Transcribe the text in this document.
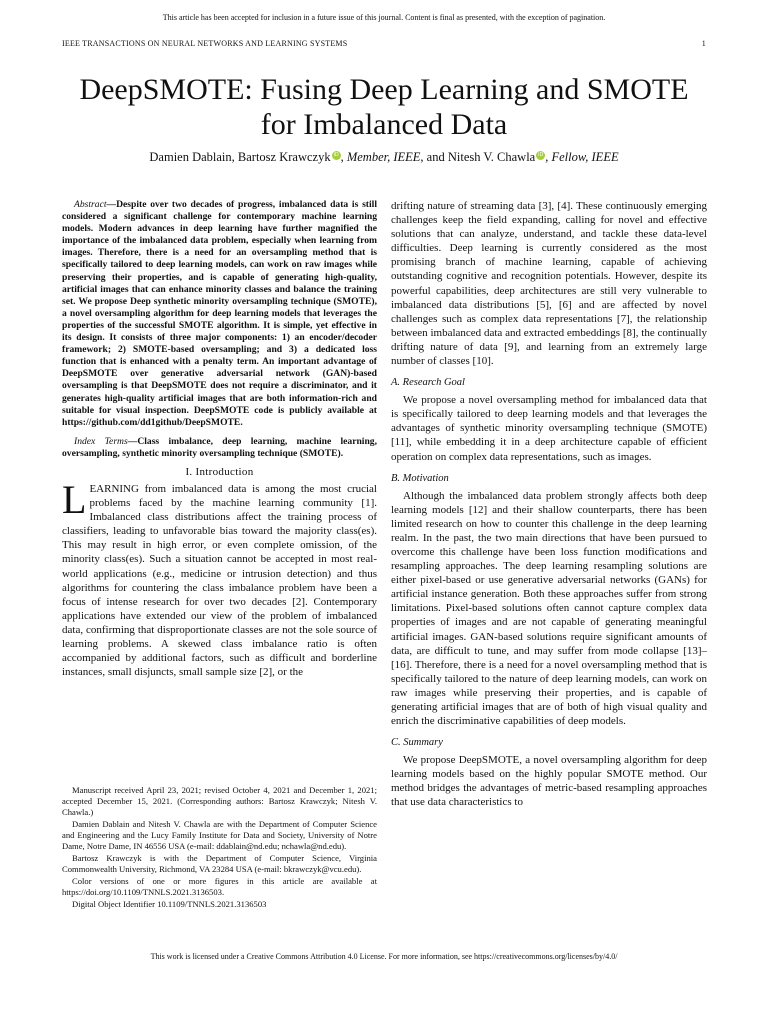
This article has been accepted for inclusion in a future issue of this journal. Content is final as presented, with the exception of pagination.
IEEE TRANSACTIONS ON NEURAL NETWORKS AND LEARNING SYSTEMS	1
DeepSMOTE: Fusing Deep Learning and SMOTE
for Imbalanced Data
Damien Dablain, Bartosz Krawczyk iD , Member, IEEE, and Nitesh V. Chawla iD , Fellow, IEEE

Abstract—Despite over two decades of progress, imbalanced data is still considered a significant challenge for contemporary machine learning models. Modern advances in deep learning have further magnified the importance of the imbalanced data problem, especially when learning from images. Therefore, there is a need for an oversampling method that is specifically tailored to deep learning models, can work on raw images while preserving their properties, and is capable of generating high-quality, artificial images that can enhance minority classes and balance the training set. We propose Deep synthetic minority oversampling technique (SMOTE), a novel oversampling algorithm for deep learning models that leverages the properties of the successful SMOTE algorithm. It is simple, yet effective in its design. It consists of three major components: 1) an encoder/decoder framework; 2) SMOTE-based oversampling; and 3) a dedicated loss function that is enhanced with a penalty term. An important advantage of DeepSMOTE over generative adversarial network (GAN)-based oversampling is that DeepSMOTE does not require a discriminator, and it generates high-quality artificial images that are both information-rich and suitable for visual inspection. DeepSMOTE code is publicly available at https://github.com/dd1github/DeepSMOTE.

Index Terms—Class imbalance, deep learning, machine learning, oversampling, synthetic minority oversampling technique (SMOTE).

I. Introduction

LEARNING from imbalanced data is among the most crucial problems faced by the machine learning community [1]. Imbalanced class distributions affect the training process of classifiers, leading to unfavorable bias toward the majority class(es). This may result in high error, or even complete omission, of the minority class(es). Such a situation cannot be accepted in most real-world applications (e.g., medicine or intrusion detection) and thus algorithms for countering the class imbalance problem have been a focus of intense research for over two decades [2]. Contemporary applications have extended our view of the problem of imbalanced data, confirming that disproportionate classes are not the sole source of learning problems. A skewed class imbalance ratio is often accompanied by additional factors, such as difficult and borderline instances, small disjuncts, small sample size [2], or the

Manuscript received April 23, 2021; revised October 4, 2021 and December 1, 2021; accepted December 15, 2021. (Corresponding authors: Bartosz Krawczyk; Nitesh V. Chawla.)

Damien Dablain and Nitesh V. Chawla are with the Department of Computer Science and Engineering and the Lucy Family Institute for Data and Society, University of Notre Dame, Notre Dame, IN 46556 USA (e-mail: ddablain@nd.edu; nchawla@nd.edu).

Bartosz Krawczyk is with the Department of Computer Science, Virginia Commonwealth University, Richmond, VA 23284 USA (e-mail: bkrawczyk@vcu.edu).

Color versions of one or more figures in this article are available at https://doi.org/10.1109/TNNLS.2021.3136503.

Digital Object Identifier 10.1109/TNNLS.2021.3136503

drifting nature of streaming data [3], [4]. These continuously emerging challenges keep the field expanding, calling for novel and effective solutions that can analyze, understand, and tackle these data-level difficulties. Deep learning is currently considered as the most promising branch of machine learning, capable of achieving outstanding cognitive and recognition potentials. However, despite its powerful capabilities, deep architectures are still very vulnerable to imbalanced data distributions [5], [6] and are affected by novel challenges such as complex data representations [7], the relationship between imbalanced data and extracted embeddings [8], the continually drifting nature of data [9], and learning from an extremely large number of classes [10].

A. Research Goal

We propose a novel oversampling method for imbalanced data that is specifically tailored to deep learning models and that leverages the advantages of synthetic minority oversampling technique (SMOTE) [11], while embedding it in a deep architecture capable of efficient operation on complex data representations, such as images.

B. Motivation

Although the imbalanced data problem strongly affects both deep learning models [12] and their shallow counterparts, there has been limited research on how to counter this challenge in the deep learning realm. In the past, the two main directions that have been pursued to overcome this challenge have been loss function modifications and resampling approaches. The deep learning resampling solutions are either pixel-based or use generative adversarial networks (GANs) for artificial instance generation. Both these approaches suffer from strong limitations. Pixel-based solutions often cannot capture complex data properties of images and are not capable of generating meaningful artificial images. GAN-based solutions require significant amounts of data, are difficult to tune, and may suffer from mode collapse [13]–[16]. Therefore, there is a need for a novel oversampling method that is specifically tailored to the nature of deep learning models, can work on raw images while preserving their properties, and is capable of generating artificial images that are of both of high visual quality and enrich the discriminative capabilities of deep models.

C. Summary

We propose DeepSMOTE, a novel oversampling algorithm for deep learning models based on the highly popular SMOTE method. Our method bridges the advantages of metric-based resampling approaches that use data characteristics to

This work is licensed under a Creative Commons Attribution 4.0 License. For more information, see https://creativecommons.org/licenses/by/4.0/
